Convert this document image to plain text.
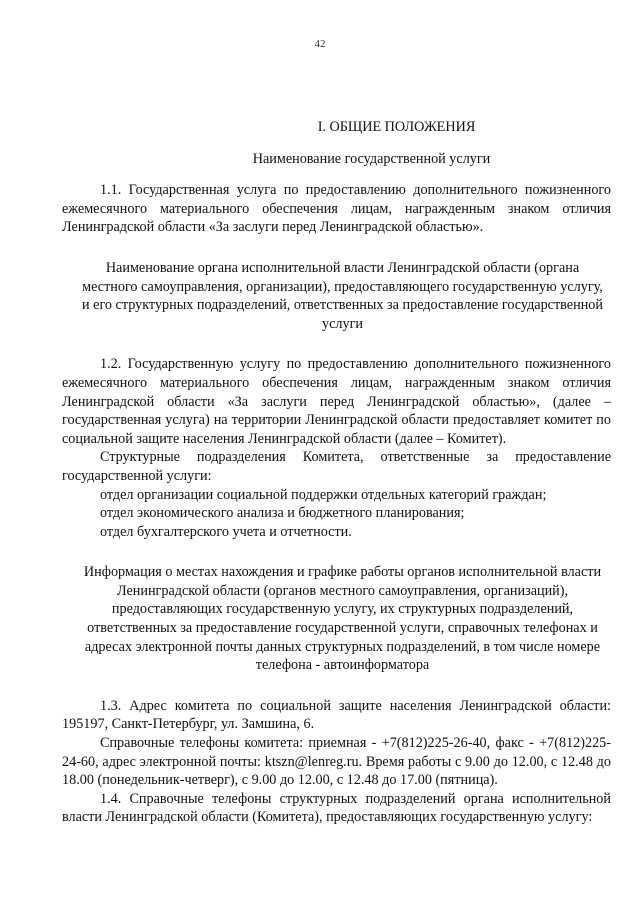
42
I. ОБЩИЕ ПОЛОЖЕНИЯ
Наименование государственной услуги

1.1. Государственная услуга по предоставлению дополнительного пожизненного ежемесячного материального обеспечения лицам, награжденным знаком отличия Ленинградской области «За заслуги перед Ленинградской областью».

Наименование органа исполнительной власти Ленинградской области (органа местного самоуправления, организации), предоставляющего государственную услугу, и его структурных подразделений, ответственных за предоставление государственной услуги

1.2. Государственную услугу по предоставлению дополнительного пожизненного ежемесячного материального обеспечения лицам, награжденным знаком отличия Ленинградской области «За заслуги перед Ленинградской областью», (далее – государственная услуга) на территории Ленинградской области предоставляет комитет по социальной защите населения Ленинградской области (далее – Комитет).

Структурные подразделения Комитета, ответственные за предоставление государственной услуги:

отдел организации социальной поддержки отдельных категорий граждан;

отдел экономического анализа и бюджетного планирования;

отдел бухгалтерского учета и отчетности.

Информация о местах нахождения и графике работы органов исполнительной власти Ленинградской области (органов местного самоуправления, организаций), предоставляющих государственную услугу, их структурных подразделений, ответственных за предоставление государственной услуги, справочных телефонах и адресах электронной почты данных структурных подразделений, в том числе номере телефона - автоинформатора

1.3. Адрес комитета по социальной защите населения Ленинградской области: 195197, Санкт-Петербург, ул. Замшина, 6.

Справочные телефоны комитета: приемная - +7(812)225-26-40, факс - +7(812)225-24-60, адрес электронной почты: ktszn@lenreg.ru. Время работы с 9.00 до 12.00, с 12.48 до 18.00 (понедельник-четверг), с 9.00 до 12.00, с 12.48 до 17.00 (пятница).

1.4. Справочные телефоны структурных подразделений органа исполнительной власти Ленинградской области (Комитета), предоставляющих государственную услугу:
